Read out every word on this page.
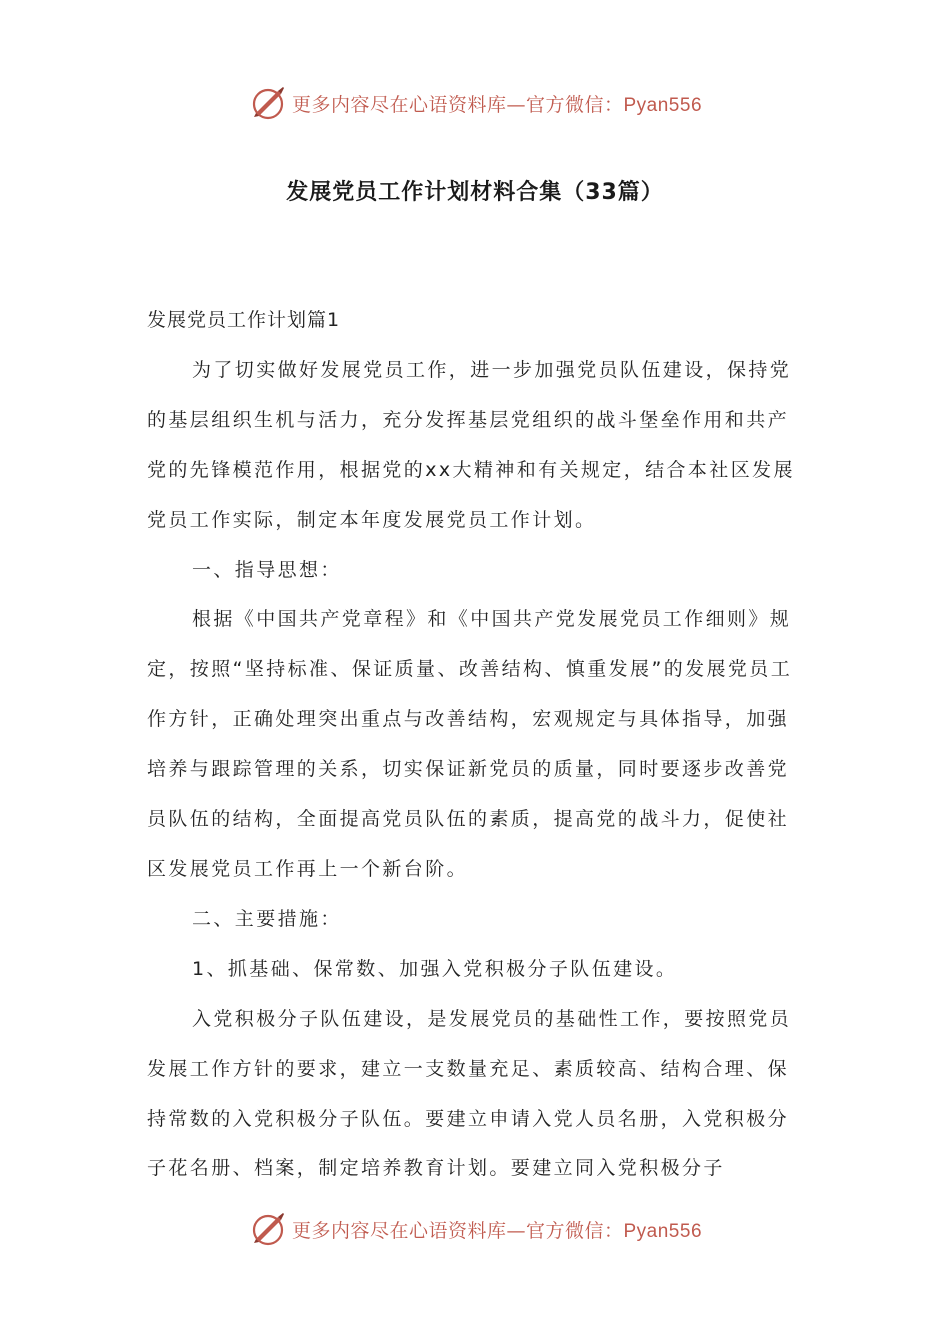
更多内容尽在心语资料库—官方微信：Pyan556
发展党员工作计划材料合集（33篇）

发展党员工作计划篇1

为了切实做好发展党员工作，进一步加强党员队伍建设，保持党的基层组织生机与活力，充分发挥基层党组织的战斗堡垒作用和共产党的先锋模范作用，根据党的xx大精神和有关规定，结合本社区发展党员工作实际，制定本年度发展党员工作计划。

一、指导思想：

根据《中国共产党章程》和《中国共产党发展党员工作细则》规定，按照“坚持标准、保证质量、改善结构、慎重发展”的发展党员工作方针，正确处理突出重点与改善结构，宏观规定与具体指导，加强培养与跟踪管理的关系，切实保证新党员的质量，同时要逐步改善党员队伍的结构，全面提高党员队伍的素质，提高党的战斗力，促使社区发展党员工作再上一个新台阶。

二、主要措施：

1、抓基础、保常数、加强入党积极分子队伍建设。

入党积极分子队伍建设，是发展党员的基础性工作，要按照党员发展工作方针的要求，建立一支数量充足、素质较高、结构合理、保持常数的入党积极分子队伍。要建立申请入党人员名册，入党积极分子花名册、档案，制定培养教育计划。要建立同入党积极分子

更多内容尽在心语资料库—官方微信：Pyan556
